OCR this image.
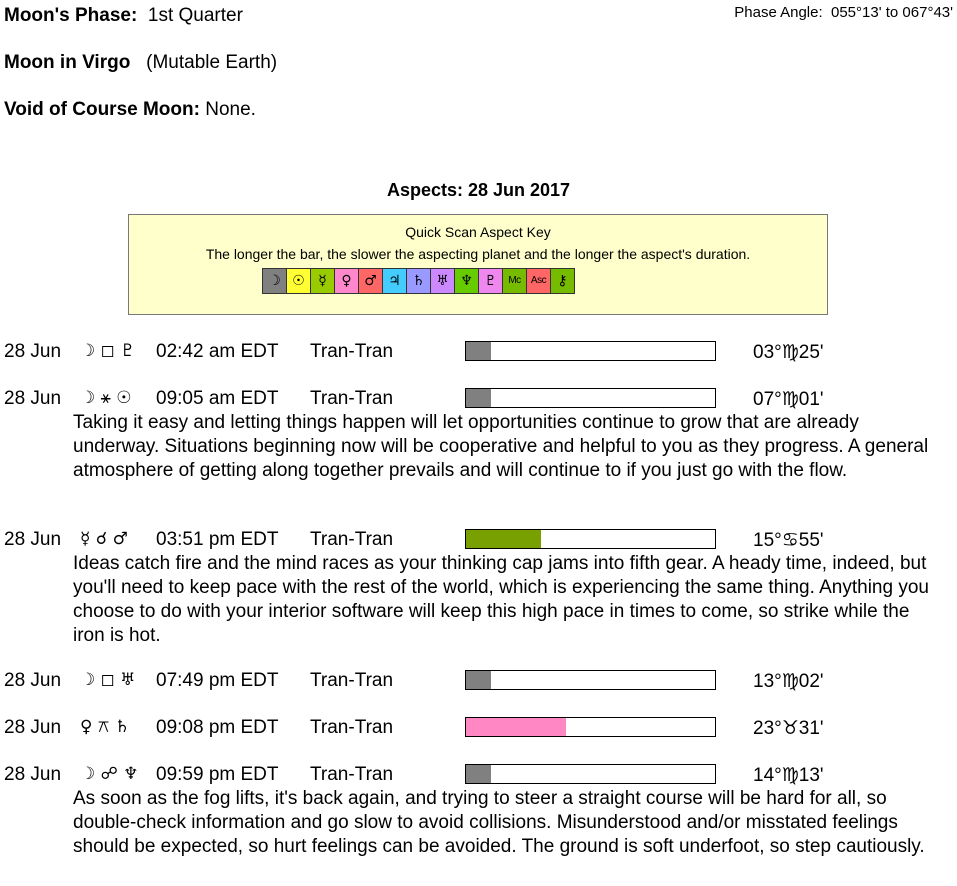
Moon's Phase: 1st Quarter	Phase Angle: 055°13' to 067°43'
Moon in Virgo (Mutable Earth)
Void of Course Moon: None.
Aspects: 28 Jun 2017
Quick Scan Aspect Key
The longer the bar, the slower the aspecting planet and the longer the aspect's duration.
☽ ☉ ☿	♀ ♂ ♃ ♄ ♅ ♆ ♇	Mc	Asc ⚷
28 Jun ☽ ◻ ♇ 02:42 am EDT Tran-Tran	03°♍25'
28 Jun ☽ ⚹ ☉ 09:05 am EDT Tran-Tran	07°♍01'
Taking it easy and letting things happen will let opportunities continue to grow that are already underway. Situations beginning now will be cooperative and helpful to you as they progress. A general atmosphere of getting along together prevails and will continue to if you just go with the flow.
28 Jun ☿ ☌ ♂ 03:51 pm EDT Tran-Tran	15°♋55'
Ideas catch fire and the mind races as your thinking cap jams into fifth gear. A heady time, indeed, but you'll need to keep pace with the rest of the world, which is experiencing the same thing. Anything you choose to do with your interior software will keep this high pace in times to come, so strike while the iron is hot.
28 Jun ☽ ◻ ♅ 07:49 pm EDT Tran-Tran	13°♍02'
28 Jun ♀ ⚻ ♄ 09:08 pm EDT Tran-Tran	23°♉31'
28 Jun ☽ ☍ ♆ 09:59 pm EDT Tran-Tran	14°♍13'
As soon as the fog lifts, it's back again, and trying to steer a straight course will be hard for all, so double-check information and go slow to avoid collisions. Misunderstood and/or misstated feelings should be expected, so hurt feelings can be avoided. The ground is soft underfoot, so step cautiously.
